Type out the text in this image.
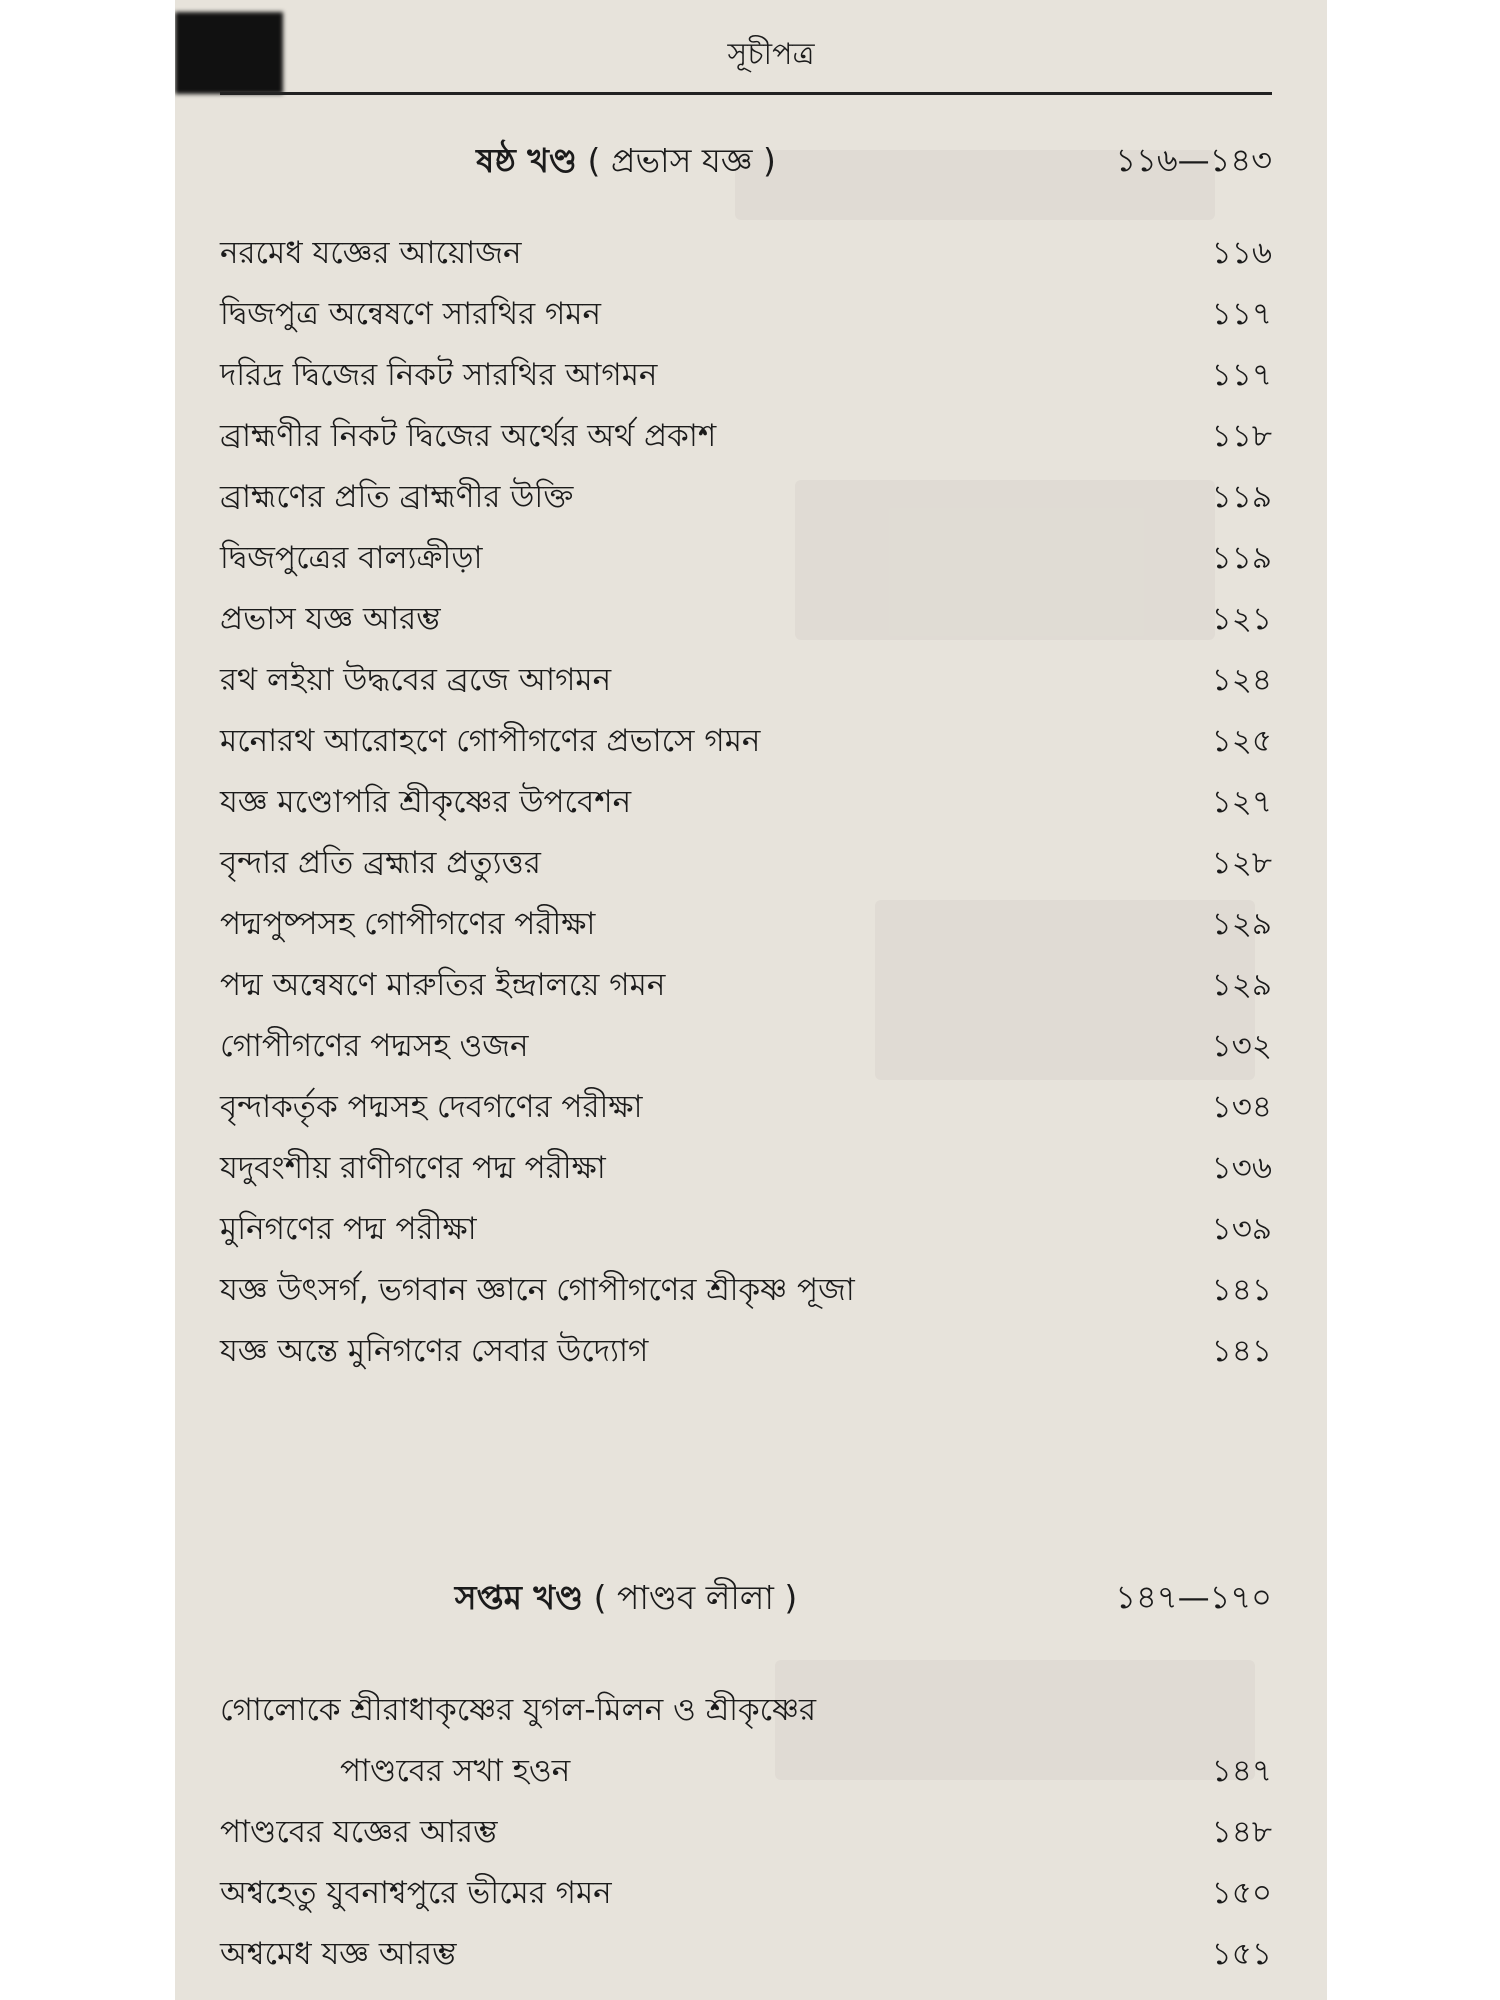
সূচীপত্র
ষষ্ঠ খণ্ড ( প্রভাস যজ্ঞ )	১১৬—১৪৩
নরমেধ যজ্ঞের আয়োজন	১১৬
দ্বিজপুত্র অন্বেষণে সারথির গমন	১১৭
দরিদ্র দ্বিজের নিকট সারথির আগমন	১১৭
ব্রাহ্মণীর নিকট দ্বিজের অর্থের অর্থ প্রকাশ	১১৮
ব্রাহ্মণের প্রতি ব্রাহ্মণীর উক্তি	১১৯
দ্বিজপুত্রের বাল্যক্রীড়া	১১৯
প্রভাস যজ্ঞ আরম্ভ	১২১
রথ লইয়া উদ্ধবের ব্রজে আগমন	১২৪
মনোরথ আরোহণে গোপীগণের প্রভাসে গমন	১২৫
যজ্ঞ মণ্ডোপরি শ্রীকৃষ্ণের উপবেশন	১২৭
বৃন্দার প্রতি ব্রহ্মার প্রত্যুত্তর	১২৮
পদ্মপুষ্পসহ গোপীগণের পরীক্ষা	১২৯
পদ্ম অন্বেষণে মারুতির ইন্দ্রালয়ে গমন	১২৯
গোপীগণের পদ্মসহ ওজন	১৩২
বৃন্দাকর্তৃক পদ্মসহ দেবগণের পরীক্ষা	১৩৪
যদুবংশীয় রাণীগণের পদ্ম পরীক্ষা	১৩৬
মুনিগণের পদ্ম পরীক্ষা	১৩৯
যজ্ঞ উৎসর্গ, ভগবান জ্ঞানে গোপীগণের শ্রীকৃষ্ণ পূজা	১৪১
যজ্ঞ অন্তে মুনিগণের সেবার উদ্যোগ	১৪১
সপ্তম খণ্ড ( পাণ্ডব লীলা )	১৪৭—১৭০
গোলোকে শ্রীরাধাকৃষ্ণের যুগল-মিলন ও শ্রীকৃষ্ণের
পাণ্ডবের সখা হওন	১৪৭
পাণ্ডবের যজ্ঞের আরম্ভ	১৪৮
অশ্বহেতু যুবনাশ্বপুরে ভীমের গমন	১৫০
অশ্বমেধ যজ্ঞ আরম্ভ	১৫১
